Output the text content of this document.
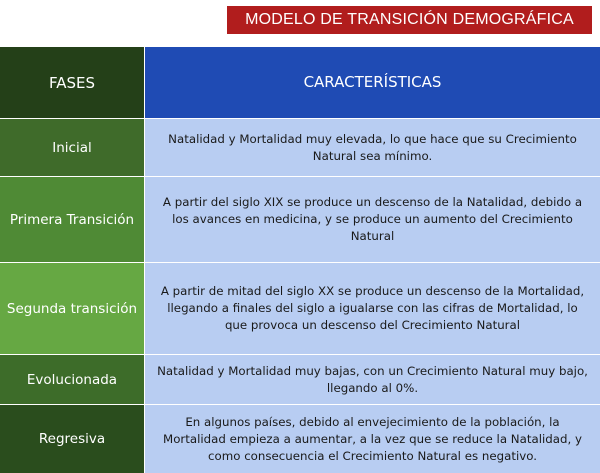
MODELO DE TRANSICIÓN DEMOGRÁFICA
FASES	CARACTERÍSTICAS
Inicial
Natalidad y Mortalidad muy elevada, lo que hace que su Crecimiento Natural sea mínimo.
Primera Transición
A partir del siglo XIX se produce un descenso de la Natalidad, debido a los avances en medicina, y se produce un aumento del Crecimiento Natural
Segunda transición
A partir de mitad del siglo XX se produce un descenso de la Mortalidad, llegando a finales del siglo a igualarse con las cifras de Mortalidad, lo que provoca un descenso del Crecimiento Natural
Evolucionada
Natalidad y Mortalidad muy bajas, con un Crecimiento Natural muy bajo, llegando al 0%.
Regresiva
En algunos países, debido al envejecimiento de la población, la Mortalidad empieza a aumentar, a la vez que se reduce la Natalidad, y como consecuencia el Crecimiento Natural es negativo.
